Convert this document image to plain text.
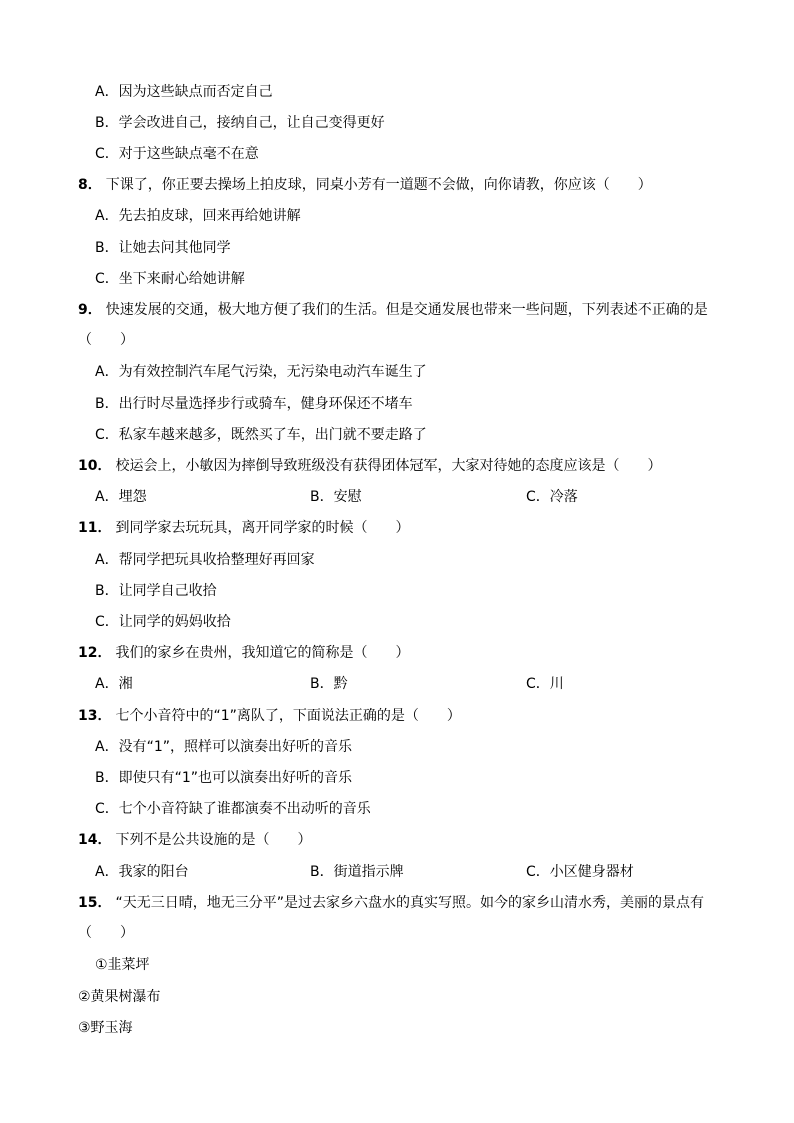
A．因为这些缺点而否定自己
B．学会改进自己，接纳自己，让自己变得更好
C．对于这些缺点毫不在意
8． 下课了，你正要去操场上拍皮球，同桌小芳有一道题不会做，向你请教，你应该（　　）
A．先去拍皮球，回来再给她讲解
B．让她去问其他同学
C．坐下来耐心给她讲解
9． 快速发展的交通，极大地方便了我们的生活。但是交通发展也带来一些问题，下列表述不正确的是
（　　）
A．为有效控制汽车尾气污染，无污染电动汽车诞生了
B．出行时尽量选择步行或骑车，健身环保还不堵车
C．私家车越来越多，既然买了车，出门就不要走路了
10． 校运会上，小敏因为摔倒导致班级没有获得团体冠军，大家对待她的态度应该是（　　）
A．埋怨	B．安慰	C．冷落
11． 到同学家去玩玩具，离开同学家的时候（　　）
A．帮同学把玩具收拾整理好再回家
B．让同学自己收拾
C．让同学的妈妈收拾
12． 我们的家乡在贵州，我知道它的简称是（　　）
A．湘	B．黔	C．川
13． 七个小音符中的“1”离队了，下面说法正确的是（　　）
A．没有“1”，照样可以演奏出好听的音乐
B．即使只有“1”也可以演奏出好听的音乐
C．七个小音符缺了谁都演奏不出动听的音乐
14． 下列不是公共设施的是（　　）
A．我家的阳台	B．街道指示牌	C．小区健身器材
15． “天无三日晴，地无三分平”是过去家乡六盘水的真实写照。如今的家乡山清水秀，美丽的景点有
（　　）
①韭菜坪
②黄果树瀑布
③野玉海
